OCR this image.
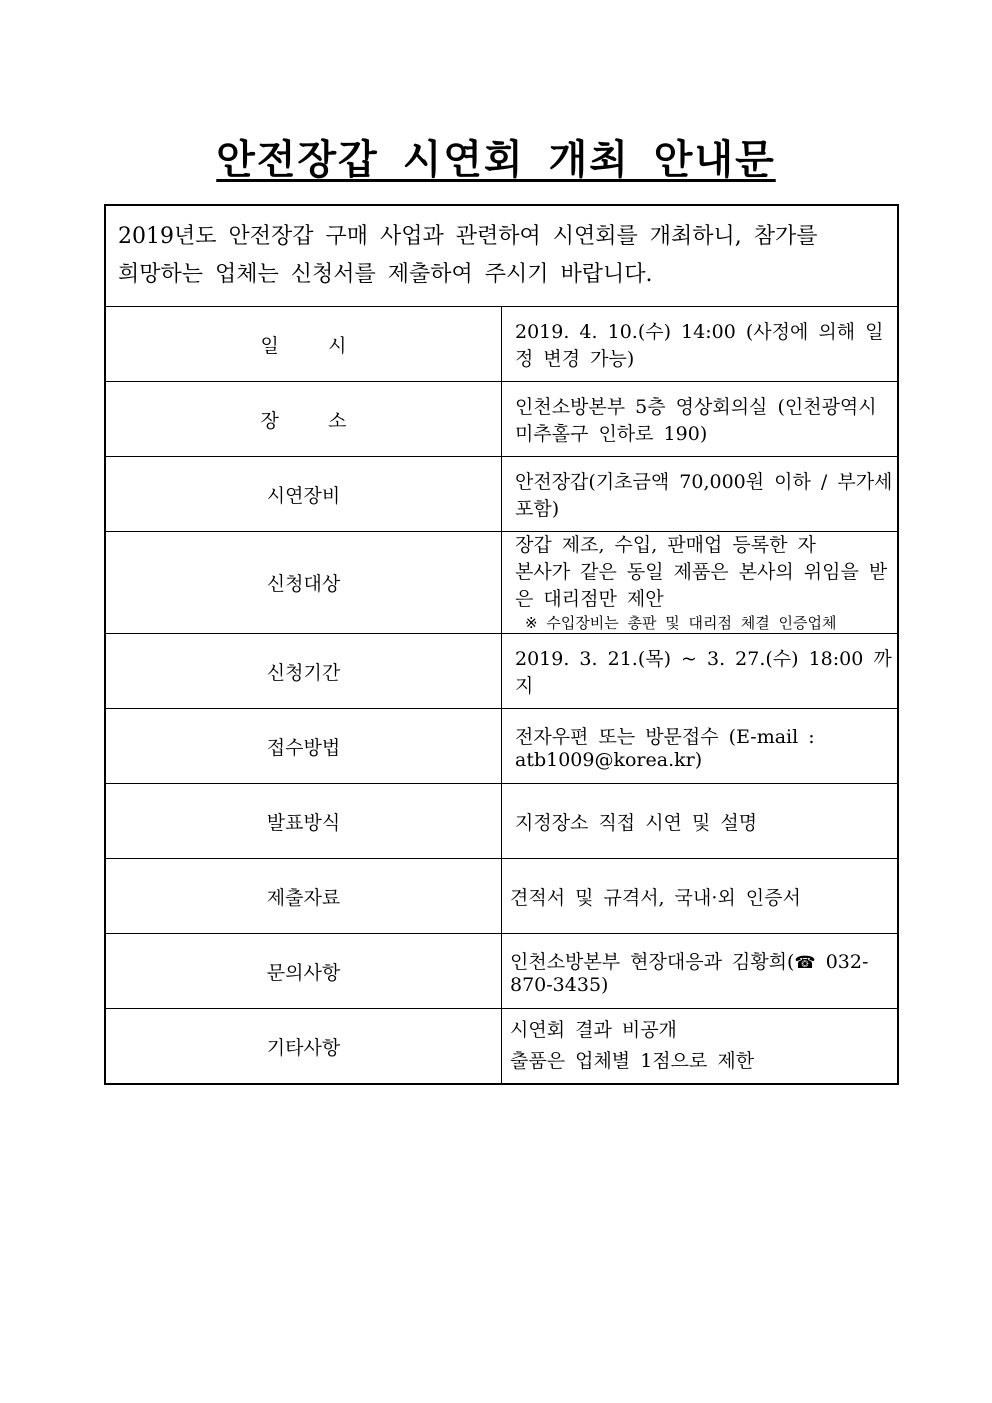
안전장갑 시연회 개최 안내문
2019년도 안전장갑 구매 사업과 관련하여 시연회를 개최하니, 참가를
희망하는 업체는 신청서를 제출하여 주시기 바랍니다.	

일 시	2019. 4. 10.(수) 14:00 (사정에 의해 일정 변경 가능)
장 소	인천소방본부 5층 영상회의실 (인천광역시 미추홀구 인하로 190)
시연장비	안전장갑(기초금액 70,000원 이하 / 부가세포함)
신청대상	장갑 제조, 수입, 판매업 등록한 자
본사가 같은 동일 제품은 본사의 위임을 받은 대리점만 제안
※ 수입장비는 총판 및 대리점 체결 인증업체

신청기간	2019. 3. 21.(목) ~ 3. 27.(수) 18:00 까지
접수방법	전자우편 또는 방문접수 (E-mail : atb1009@korea.kr)
발표방식	지정장소 직접 시연 및 설명
제출자료	견적서 및 규격서, 국내·외 인증서
문의사항	인천소방본부 현장대응과 김황희(☎ 032-870-3435)
기타사항	시연회 결과 비공개
출품은 업체별 1점으로 제한
